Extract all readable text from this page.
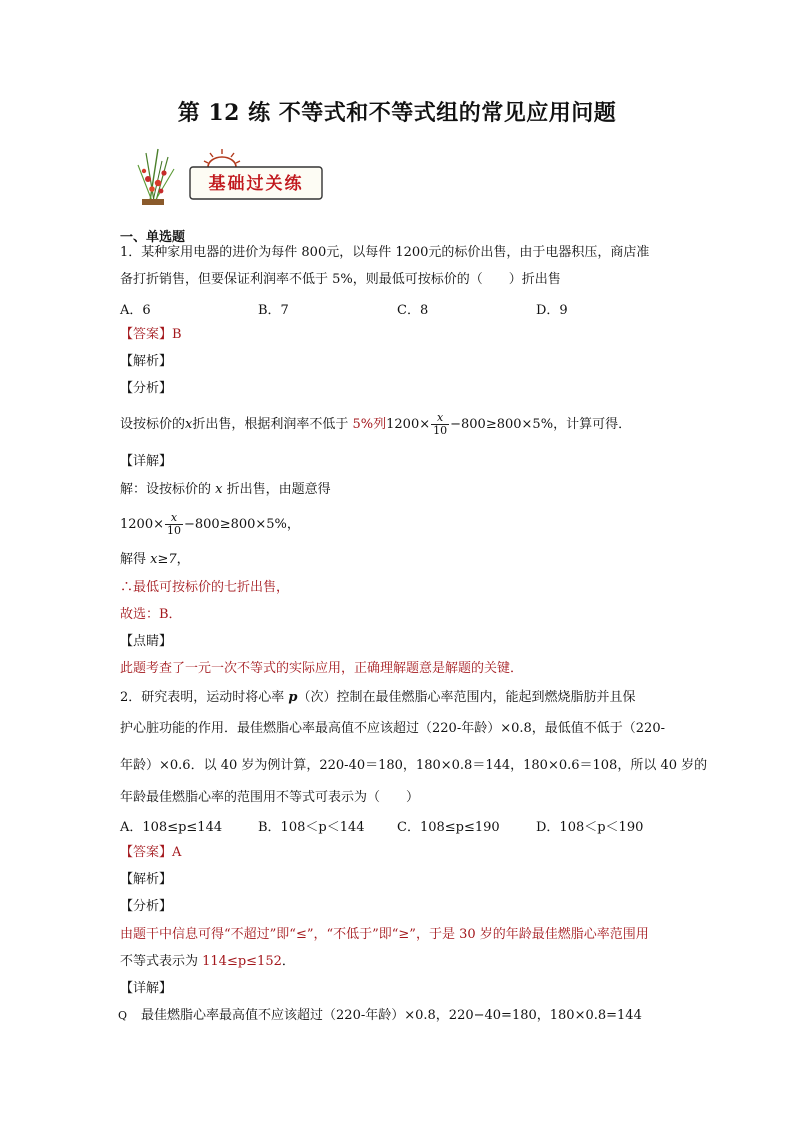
第 12 练 不等式和不等式组的常见应用问题
基础过关练
一、单选题
1．某种家用电器的进价为每件 800元，以每件 1200元的标价出售，由于电器积压，商店准
备打折销售，但要保证利润率不低于 5%，则最低可按标价的（　　）折出售
A．6	B．7	C．8	D．9
【答案】B
【解析】
【分析】
设按标价的x折出售，根据利润率不低于 5%列$1200\times \frac{x}{10} -800\ge 800\times 5\%$，计算可得．
【详解】
解：设按标价的 x 折出售，由题意得
$1200\times \frac{x}{10} -800\ge 800\times 5\%$，
解得 x≥7，
∴最低可按标价的七折出售，
故选：B．
【点睛】
此题考查了一元一次不等式的实际应用，正确理解题意是解题的关键．
2．研究表明，运动时将心率 p（次）控制在最佳燃脂心率范围内，能起到燃烧脂肪并且保
护心脏功能的作用．最佳燃脂心率最高值不应该超过（220-年龄）×0.8，最低值不低于（220-
年龄）×0.6．以 40 岁为例计算，220-40＝180，180×0.8＝144，180×0.6＝108，所以 40 岁的
年龄最佳燃脂心率的范围用不等式可表示为（　　）
A．108≤p≤144	B．108＜p＜144 C．108≤p≤190	D．108＜p＜190
【答案】A
【解析】
【分析】
由题干中信息可得“不超过”即“≤”，“不低于”即“≥”，于是 30 岁的年龄最佳燃脂心率范围用
不等式表示为 114≤p≤152．
【详解】
Q 最佳燃脂心率最高值不应该超过（220-年龄）×0.8，220−40=180，180×0.8=144
